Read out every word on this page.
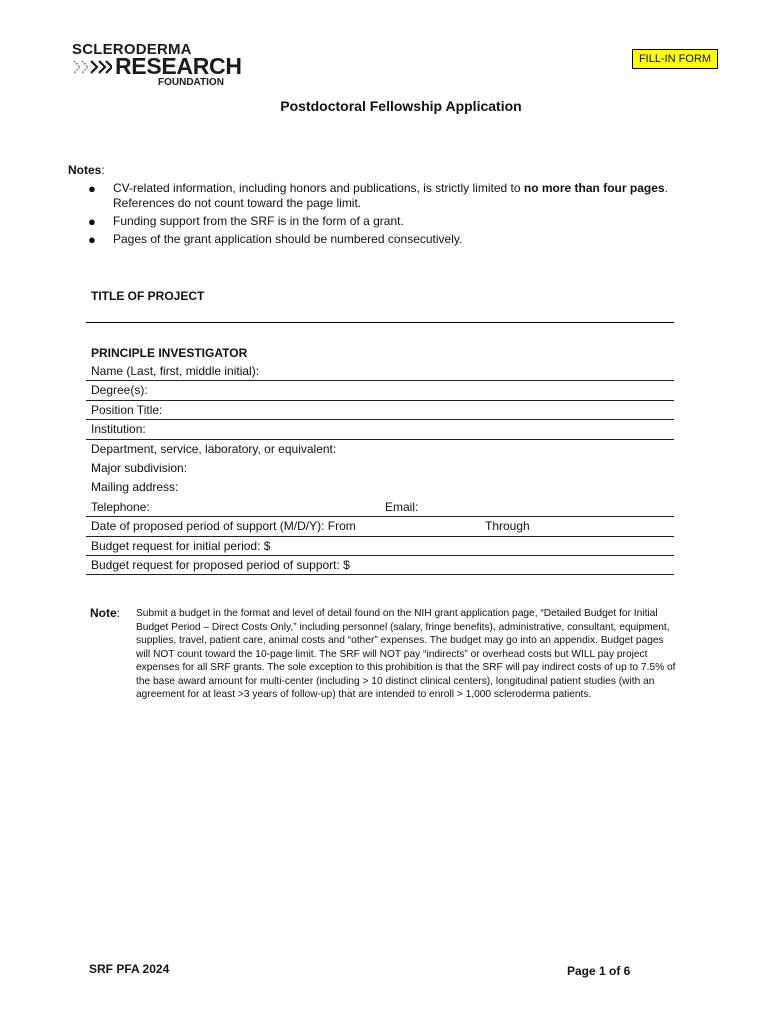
SCLERODERMA
RESEARCH
FOUNDATION
FILL-IN FORM
Postdoctoral Fellowship Application
Notes:
● CV-related information, including honors and publications, is strictly limited to no more than four pages. References do not count toward the page limit.
● Funding support from the SRF is in the form of a grant.
● Pages of the grant application should be numbered consecutively.
TITLE OF PROJECT
PRINCIPLE INVESTIGATOR
Name (Last, first, middle initial):
Degree(s):
Position Title:
Institution:
Department, service, laboratory, or equivalent:
Major subdivision:
Mailing address:
Telephone:	Email:
Date of proposed period of support (M/D/Y): From	Through
Budget request for initial period: $
Budget request for proposed period of support: $
Note: Submit a budget in the format and level of detail found on the NIH grant application page, “Detailed Budget for Initial Budget Period – Direct Costs Only,” including personnel (salary, fringe benefits), administrative, consultant, equipment, supplies, travel, patient care, animal costs and “other” expenses. The budget may go into an appendix. Budget pages will NOT count toward the 10-page limit. The SRF will NOT pay “indirects” or overhead costs but WILL pay project expenses for all SRF grants. The sole exception to this prohibition is that the SRF will pay indirect costs of up to 7.5% of the base award amount for multi-center (including > 10 distinct clinical centers), longitudinal patient studies (with an agreement for at least >3 years of follow-up) that are intended to enroll > 1,000 scleroderma patients.
SRF PFA 2024	Page 1 of 6
